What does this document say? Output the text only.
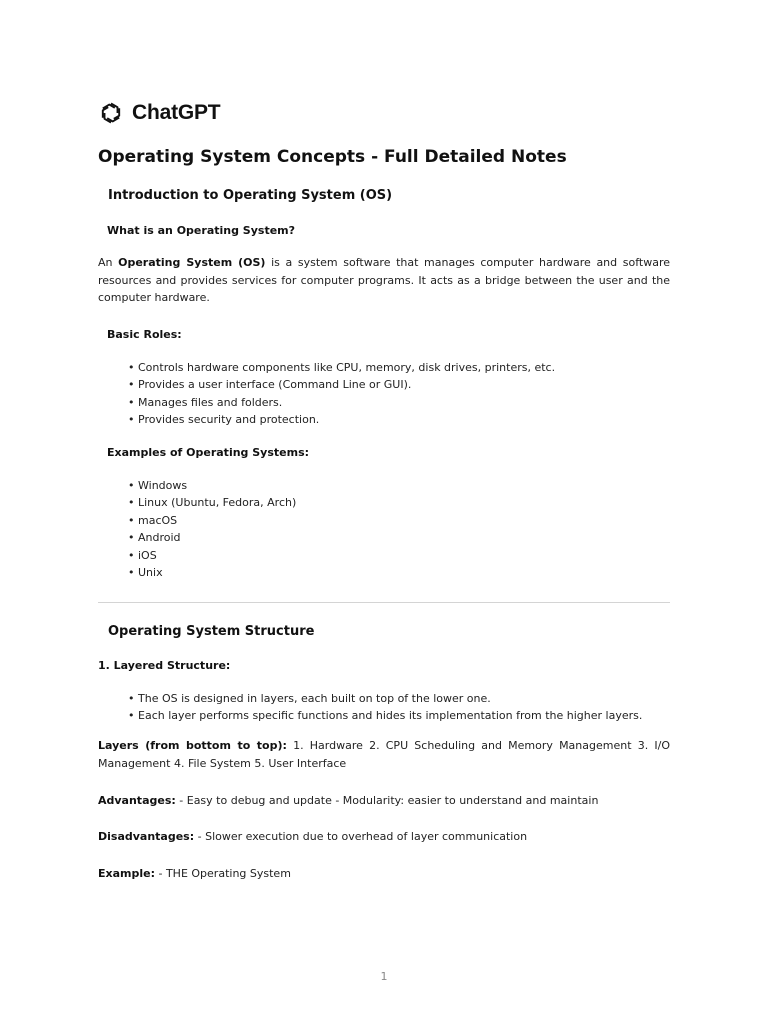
ChatGPT
Operating System Concepts - Full Detailed Notes
Introduction to Operating System (OS)
What is an Operating System?
An Operating System (OS) is a system software that manages computer hardware and software resources and provides services for computer programs. It acts as a bridge between the user and the computer hardware.
Basic Roles:
• Controls hardware components like CPU, memory, disk drives, printers, etc.
• Provides a user interface (Command Line or GUI).
• Manages files and folders.
• Provides security and protection.
Examples of Operating Systems:
• Windows
• Linux (Ubuntu, Fedora, Arch)
• macOS
• Android
• iOS
• Unix
Operating System Structure
1. Layered Structure:
• The OS is designed in layers, each built on top of the lower one.
• Each layer performs specific functions and hides its implementation from the higher layers.
Layers (from bottom to top): 1. Hardware 2. CPU Scheduling and Memory Management 3. I/O Management 4. File System 5. User Interface
Advantages: - Easy to debug and update - Modularity: easier to understand and maintain
Disadvantages: - Slower execution due to overhead of layer communication
Example: - THE Operating System
1
